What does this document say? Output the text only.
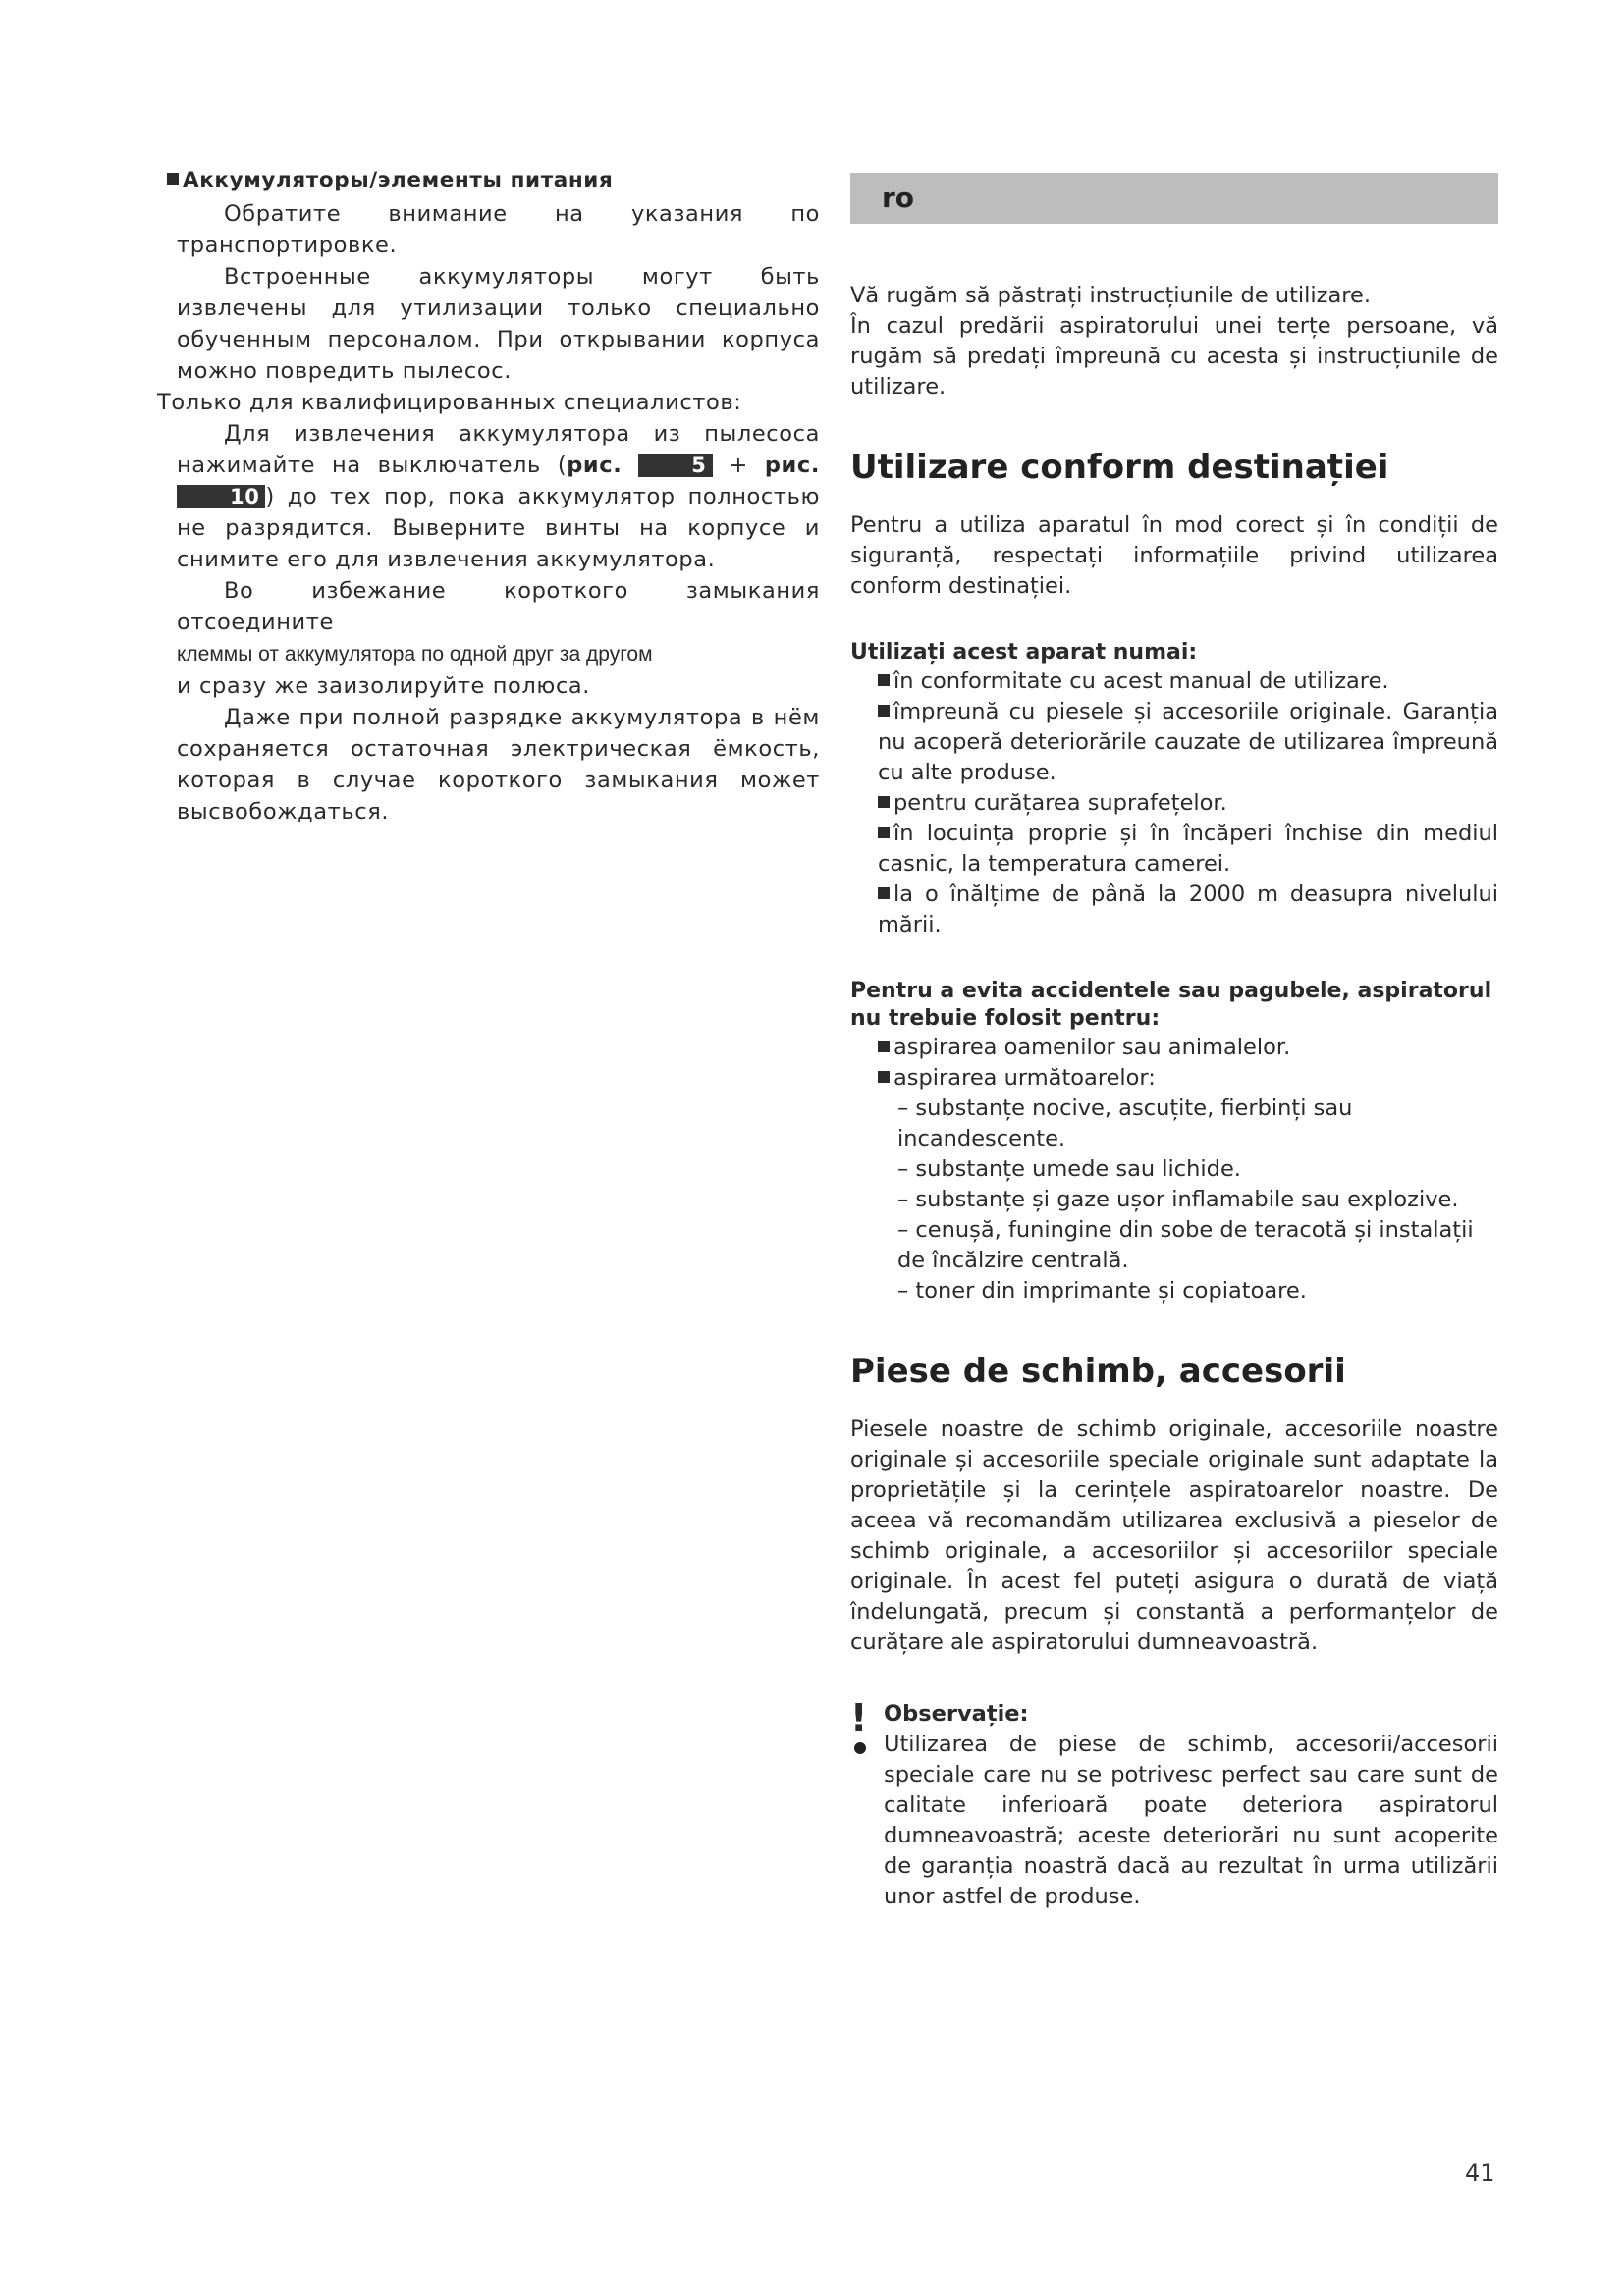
Аккумуляторы/элементы питания

Обратите внимание на указания по транспортировке.

Встроенные аккумуляторы могут быть извлечены для утилизации только специально обученным персоналом. При открывании корпуса можно повредить пылесос.

Только для квалифицированных специалистов:

Для извлечения аккумулятора из пылесоса нажимайте на выключатель (рис.	5 + рис. 10 ) до тех пор, пока аккумулятор полностью не разрядится. Выверните винты на корпусе и снимите его для извлечения аккумулятора.

Во избежание короткого замыкания отсоедините
клеммы от аккумулятора по одной друг за другом
и сразу же заизолируйте полюса.

Даже при полной разрядке аккумулятора в нём сохраняется остаточная электрическая ёмкость, которая в случае короткого замыкания может высвобождаться.

ro

Vă rugăm să păstrați instrucțiunile de utilizare.

În cazul predării aspiratorului unei terțe persoane, vă rugăm să predați împreună cu acesta și instrucțiunile de utilizare.

Utilizare conform destinației

Pentru a utiliza aparatul în mod corect și în condiții de siguranță, respectați informațiile privind utilizarea conform destinației.

Utilizați acest aparat numai:
în conformitate cu acest manual de utilizare.
împreună cu piesele și accesoriile originale. Garanția nu acoperă deteriorările cauzate de utilizarea împreună cu alte produse.
pentru curățarea suprafețelor.
în locuința proprie și în încăperi închise din mediul casnic, la temperatura camerei.
la o înălțime de până la 2000 m deasupra nivelului mării.
Pentru a evita accidentele sau pagubele, aspiratorul nu trebuie folosit pentru:
aspirarea oamenilor sau animalelor.
aspirarea următoarelor:
– substanțe nocive, ascuțite, fierbinți sau incandescente.
– substanțe umede sau lichide.
– substanțe și gaze ușor inflamabile sau explozive.
– cenușă, funingine din sobe de teracotă și instalații de încălzire centrală.
– toner din imprimante și copiatoare.
Piese de schimb, accesorii

Piesele noastre de schimb originale, accesoriile noastre originale și accesoriile speciale originale sunt adaptate la proprietățile și la cerințele aspiratoarelor noastre. De aceea vă recomandăm utilizarea exclusivă a pieselor de schimb originale, a accesoriilor și accesoriilor speciale originale. În acest fel puteți asigura o durată de viață îndelungată, precum și constantă a performanțelor de curățare ale aspiratorului dumneavoastră.

! Observație:

Utilizarea de piese de schimb, accesorii/accesorii speciale care nu se potrivesc perfect sau care sunt de calitate inferioară poate deteriora aspiratorul dumneavoastră; aceste deteriorări nu sunt acoperite de garanția noastră dacă au rezultat în urma utilizării unor astfel de produse.

41
